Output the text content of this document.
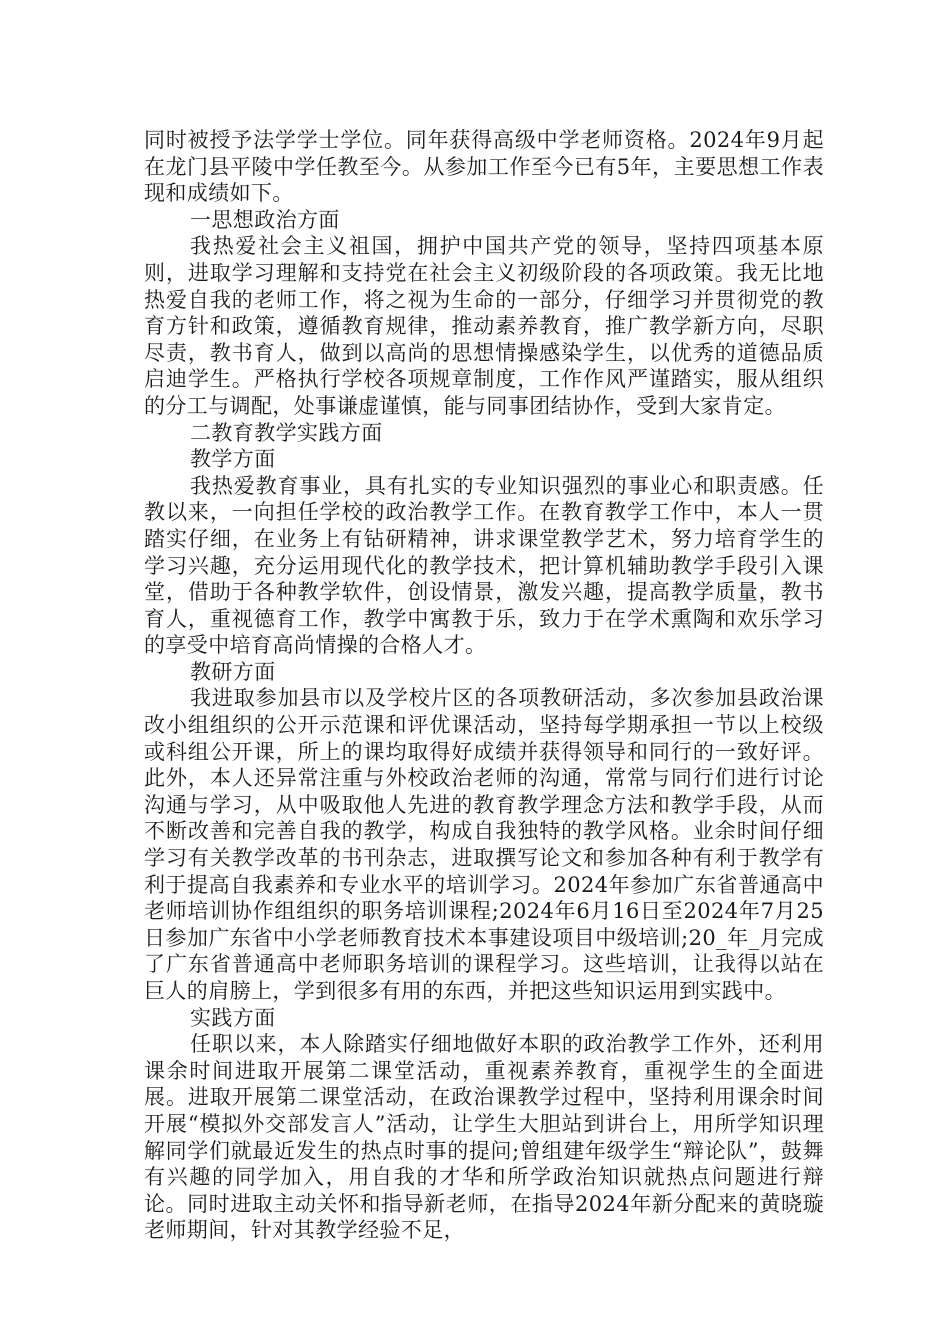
同时被授予法学学士学位。同年获得高级中学老师资格。2024年9月起在龙门县平陵中学任教至今。从参加工作至今已有5年，主要思想工作表现和成绩如下。

一思想政治方面

我热爱社会主义祖国，拥护中国共产党的领导，坚持四项基本原则，进取学习理解和支持党在社会主义初级阶段的各项政策。我无比地热爱自我的老师工作，将之视为生命的一部分，仔细学习并贯彻党的教育方针和政策，遵循教育规律，推动素养教育，推广教学新方向，尽职尽责，教书育人，做到以高尚的思想情操感染学生，以优秀的道德品质启迪学生。严格执行学校各项规章制度，工作作风严谨踏实，服从组织的分工与调配，处事谦虚谨慎，能与同事团结协作，受到大家肯定。

二教育教学实践方面

教学方面

我热爱教育事业，具有扎实的专业知识强烈的事业心和职责感。任教以来，一向担任学校的政治教学工作。在教育教学工作中，本人一贯踏实仔细，在业务上有钻研精神，讲求课堂教学艺术，努力培育学生的学习兴趣，充分运用现代化的教学技术，把计算机辅助教学手段引入课堂，借助于各种教学软件，创设情景，激发兴趣，提高教学质量，教书育人，重视德育工作，教学中寓教于乐，致力于在学术熏陶和欢乐学习的享受中培育高尚情操的合格人才。

教研方面

我进取参加县市以及学校片区的各项教研活动，多次参加县政治课改小组组织的公开示范课和评优课活动，坚持每学期承担一节以上校级或科组公开课，所上的课均取得好成绩并获得领导和同行的一致好评。此外，本人还异常注重与外校政治老师的沟通，常常与同行们进行讨论沟通与学习，从中吸取他人先进的教育教学理念方法和教学手段，从而不断改善和完善自我的教学，构成自我独特的教学风格。业余时间仔细学习有关教学改革的书刊杂志，进取撰写论文和参加各种有利于教学有利于提高自我素养和专业水平的培训学习。2024年参加广东省普通高中老师培训协作组组织的职务培训课程;2024年6月16日至2024年7月25日参加广东省中小学老师教育技术本事建设项目中级培训;20_年_月完成了广东省普通高中老师职务培训的课程学习。这些培训，让我得以站在巨人的肩膀上，学到很多有用的东西，并把这些知识运用到实践中。

实践方面

任职以来，本人除踏实仔细地做好本职的政治教学工作外，还利用课余时间进取开展第二课堂活动，重视素养教育，重视学生的全面进展。进取开展第二课堂活动，在政治课教学过程中，坚持利用课余时间开展“模拟外交部发言人”活动，让学生大胆站到讲台上，用所学知识理解同学们就最近发生的热点时事的提问;曾组建年级学生“辩论队”，鼓舞有兴趣的同学加入，用自我的才华和所学政治知识就热点问题进行辩论。同时进取主动关怀和指导新老师，在指导2024年新分配来的黄晓璇老师期间，针对其教学经验不足，
